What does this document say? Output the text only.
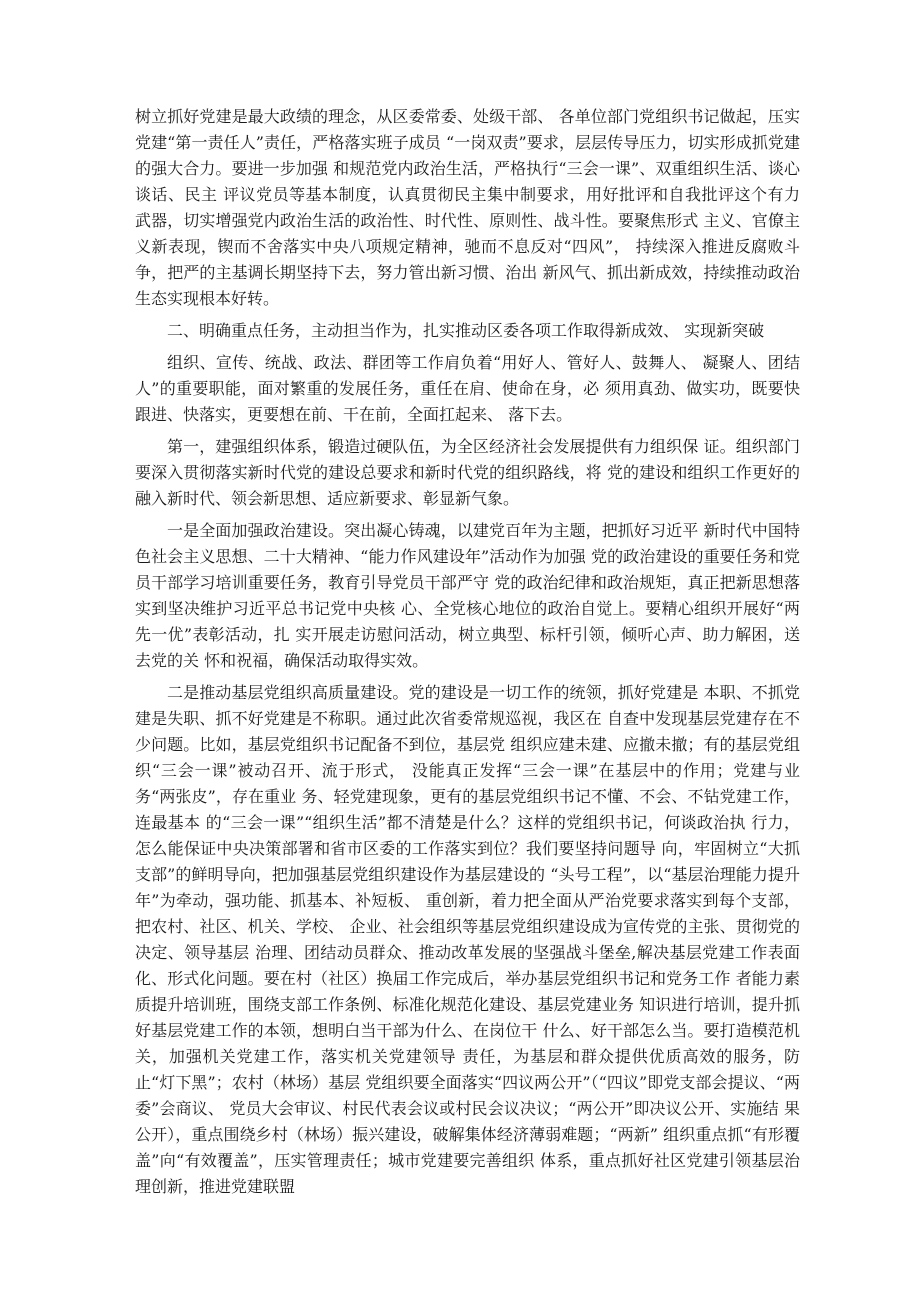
树立抓好党建是最大政绩的理念，从区委常委、处级干部、 各单位部门党组织书记做起，压实党建“第一责任人”责任，严格落实班子成员 “一岗双责”要求，层层传导压力，切实形成抓党建的强大合力。要进一步加强 和规范党内政治生活，严格执行“三会一课”、双重组织生活、谈心谈话、民主 评议党员等基本制度，认真贯彻民主集中制要求，用好批评和自我批评这个有力 武器，切实增强党内政治生活的政治性、时代性、原则性、战斗性。要聚焦形式 主义、官僚主义新表现，锲而不舍落实中央八项规定精神，驰而不息反对“四风”， 持续深入推进反腐败斗争，把严的主基调长期坚持下去，努力管出新习惯、治出 新风气、抓出新成效，持续推动政治生态实现根本好转。

二、明确重点任务，主动担当作为，扎实推动区委各项工作取得新成效、 实现新突破

组织、宣传、统战、政法、群团等工作肩负着“用好人、管好人、鼓舞人、 凝聚人、团结人”的重要职能，面对繁重的发展任务，重任在肩、使命在身，必 须用真劲、做实功，既要快跟进、快落实，更要想在前、干在前，全面扛起来、 落下去。

第一，建强组织体系，锻造过硬队伍，为全区经济社会发展提供有力组织保 证。组织部门要深入贯彻落实新时代党的建设总要求和新时代党的组织路线，将 党的建设和组织工作更好的融入新时代、领会新思想、适应新要求、彰显新气象。

一是全面加强政治建设。突出凝心铸魂，以建党百年为主题，把抓好习近平 新时代中国特色社会主义思想、二十大精神、“能力作风建设年”活动作为加强 党的政治建设的重要任务和党员干部学习培训重要任务，教育引导党员干部严守 党的政治纪律和政治规矩，真正把新思想落实到坚决维护习近平总书记党中央核 心、全党核心地位的政治自觉上。要精心组织开展好“两先一优”表彰活动，扎 实开展走访慰问活动，树立典型、标杆引领，倾听心声、助力解困，送去党的关 怀和祝福，确保活动取得实效。

二是推动基层党组织高质量建设。党的建设是一切工作的统领，抓好党建是 本职、不抓党建是失职、抓不好党建是不称职。通过此次省委常规巡视，我区在 自查中发现基层党建存在不少问题。比如，基层党组织书记配备不到位，基层党 组织应建未建、应撤未撤；有的基层党组织“三会一课”被动召开、流于形式， 没能真正发挥“三会一课”在基层中的作用；党建与业务“两张皮”，存在重业 务、轻党建现象，更有的基层党组织书记不懂、不会、不钻党建工作，连最基本 的“三会一课”“组织生活”都不清楚是什么？这样的党组织书记，何谈政治执 行力，怎么能保证中央决策部署和省市区委的工作落实到位？我们要坚持问题导 向，牢固树立“大抓支部”的鲜明导向，把加强基层党组织建设作为基层建设的 “头号工程”，以“基层治理能力提升年”为牵动，强功能、抓基本、补短板、 重创新，着力把全面从严治党要求落实到每个支部，把农村、社区、机关、学校、 企业、社会组织等基层党组织建设成为宣传党的主张、贯彻党的决定、领导基层 治理、团结动员群众、推动改革发展的坚强战斗堡垒,解决基层党建工作表面化、形式化问题。要在村（社区）换届工作完成后，举办基层党组织书记和党务工作 者能力素质提升培训班，围绕支部工作条例、标准化规范化建设、基层党建业务 知识进行培训，提升抓好基层党建工作的本领，想明白当干部为什么、在岗位干 什么、好干部怎么当。要打造模范机关，加强机关党建工作，落实机关党建领导 责任，为基层和群众提供优质高效的服务，防止“灯下黑”；农村（林场）基层 党组织要全面落实“四议两公开”（“四议”即党支部会提议、“两委”会商议、 党员大会审议、村民代表会议或村民会议决议；“两公开”即决议公开、实施结 果公开），重点围绕乡村（林场）振兴建设，破解集体经济薄弱难题；“两新” 组织重点抓“有形覆盖”向“有效覆盖”，压实管理责任；城市党建要完善组织 体系，重点抓好社区党建引领基层治理创新，推进党建联盟
